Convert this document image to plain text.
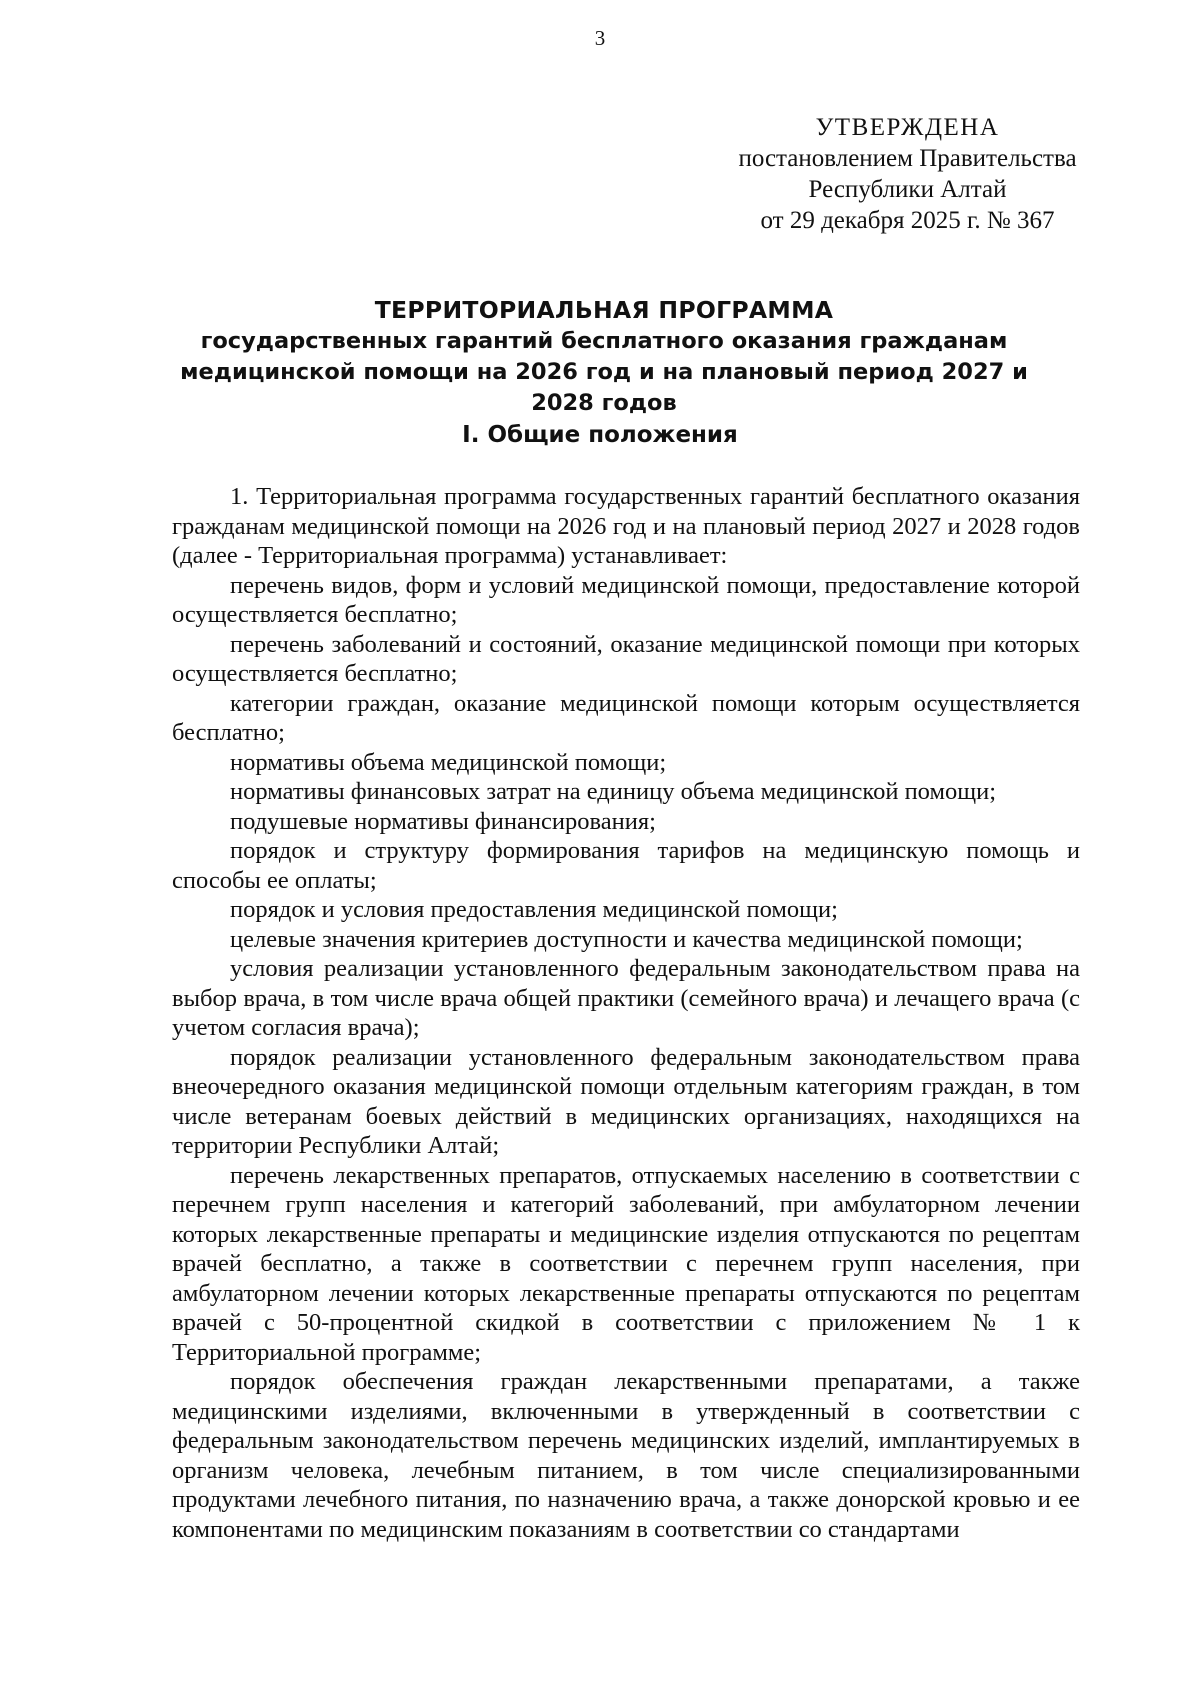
3
УТВЕРЖДЕНА
постановлением Правительства
Республики Алтай
от 29 декабря 2025 г. № 367
ТЕРРИТОРИАЛЬНАЯ ПРОГРАММА
государственных гарантий бесплатного оказания гражданам медицинской помощи на 2026 год и на плановый период 2027 и 2028 годов
I. Общие положения

1. Территориальная программа государственных гарантий бесплатного оказания гражданам медицинской помощи на 2026 год и на плановый период 2027 и 2028 годов (далее - Территориальная программа) устанавливает:

перечень видов, форм и условий медицинской помощи, предоставление которой осуществляется бесплатно;

перечень заболеваний и состояний, оказание медицинской помощи при которых осуществляется бесплатно;

категории граждан, оказание медицинской помощи которым осуществляется бесплатно;

нормативы объема медицинской помощи;

нормативы финансовых затрат на единицу объема медицинской помощи;

подушевые нормативы финансирования;

порядок и структуру формирования тарифов на медицинскую помощь и способы ее оплаты;

порядок и условия предоставления медицинской помощи;

целевые значения критериев доступности и качества медицинской помощи;

условия реализации установленного федеральным законодательством права на выбор врача, в том числе врача общей практики (семейного врача) и лечащего врача (с учетом согласия врача);

порядок реализации установленного федеральным законодательством права внеочередного оказания медицинской помощи отдельным категориям граждан, в том числе ветеранам боевых действий в медицинских организациях, находящихся на территории Республики Алтай;

перечень лекарственных препаратов, отпускаемых населению в соответствии с перечнем групп населения и категорий заболеваний, при амбулаторном лечении которых лекарственные препараты и медицинские изделия отпускаются по рецептам врачей бесплатно, а также в соответствии с перечнем групп населения, при амбулаторном лечении которых лекарственные препараты отпускаются по рецептам врачей с 50-процентной скидкой в соответствии с приложением № 1 к Территориальной программе;

порядок обеспечения граждан лекарственными препаратами, а также медицинскими изделиями, включенными в утвержденный в соответствии с федеральным законодательством перечень медицинских изделий, имплантируемых в организм человека, лечебным питанием, в том числе специализированными продуктами лечебного питания, по назначению врача, а также донорской кровью и ее компонентами по медицинским показаниям в соответствии со стандартами
